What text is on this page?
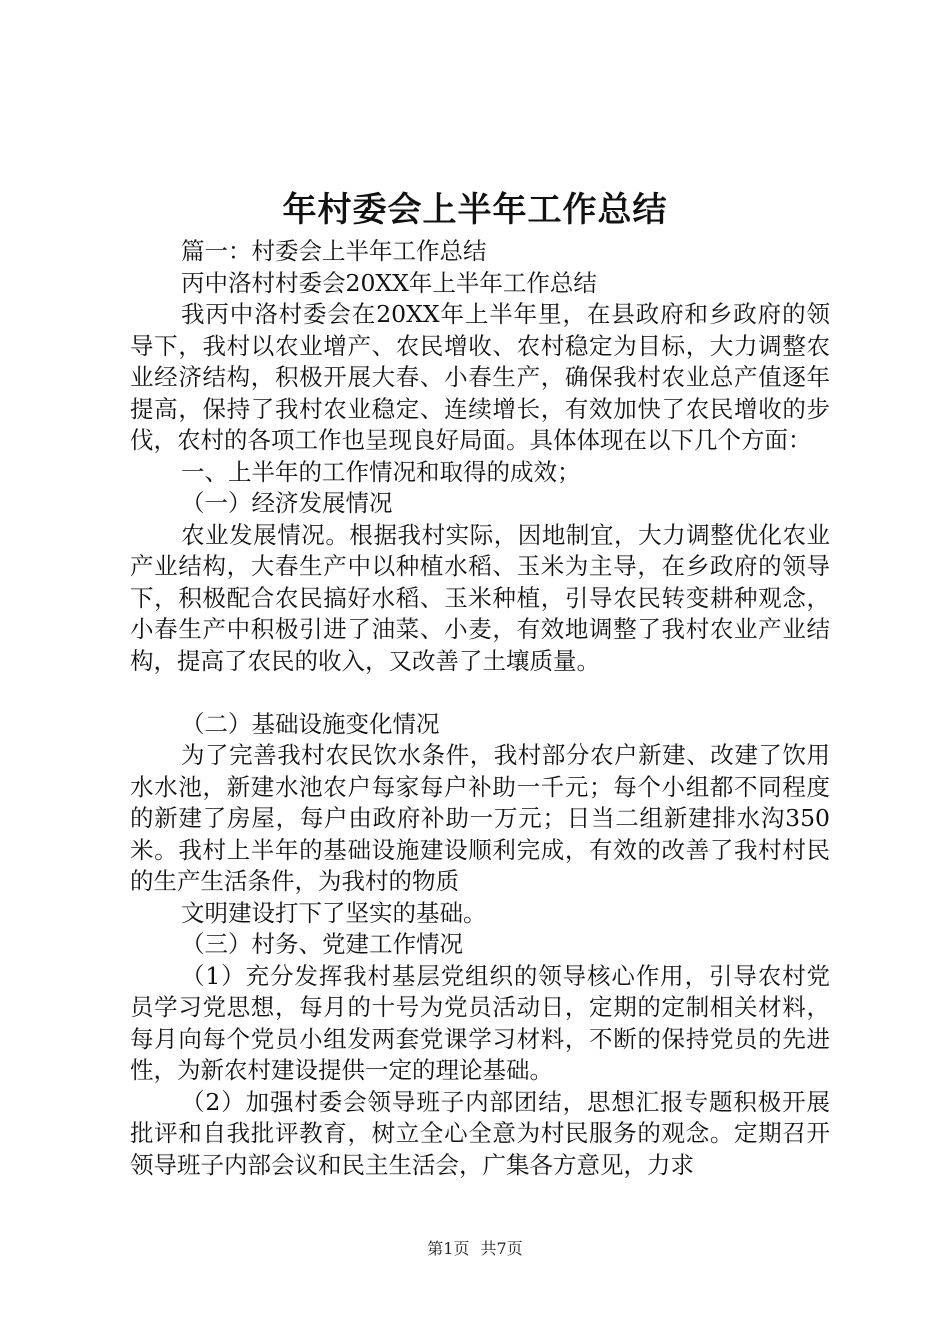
年村委会上半年工作总结

篇一：村委会上半年工作总结

丙中洛村村委会20XX年上半年工作总结

我丙中洛村委会在20XX年上半年里，在县政府和乡政府的领导下，我村以农业增产、农民增收、农村稳定为目标，大力调整农业经济结构，积极开展大春、小春生产，确保我村农业总产值逐年提高，保持了我村农业稳定、连续增长，有效加快了农民增收的步伐，农村的各项工作也呈现良好局面。具体体现在以下几个方面：

一、上半年的工作情况和取得的成效；

（一）经济发展情况

农业发展情况。根据我村实际，因地制宜，大力调整优化农业产业结构，大春生产中以种植水稻、玉米为主导，在乡政府的领导下，积极配合农民搞好水稻、玉米种植，引导农民转变耕种观念，小春生产中积极引进了油菜、小麦，有效地调整了我村农业产业结构，提高了农民的收入，又改善了土壤质量。

（二）基础设施变化情况

为了完善我村农民饮水条件，我村部分农户新建、改建了饮用水水池，新建水池农户每家每户补助一千元；每个小组都不同程度的新建了房屋，每户由政府补助一万元；日当二组新建排水沟350米。我村上半年的基础设施建设顺利完成，有效的改善了我村村民的生产生活条件，为我村的物质

文明建设打下了坚实的基础。

（三）村务、党建工作情况

（1）充分发挥我村基层党组织的领导核心作用，引导农村党员学习党思想，每月的十号为党员活动日，定期的定制相关材料，每月向每个党员小组发两套党课学习材料，不断的保持党员的先进性，为新农村建设提供一定的理论基础。

（2）加强村委会领导班子内部团结，思想汇报专题积极开展批评和自我批评教育，树立全心全意为村民服务的观念。定期召开领导班子内部会议和民主生活会，广集各方意见，力求

第1页 共7页
